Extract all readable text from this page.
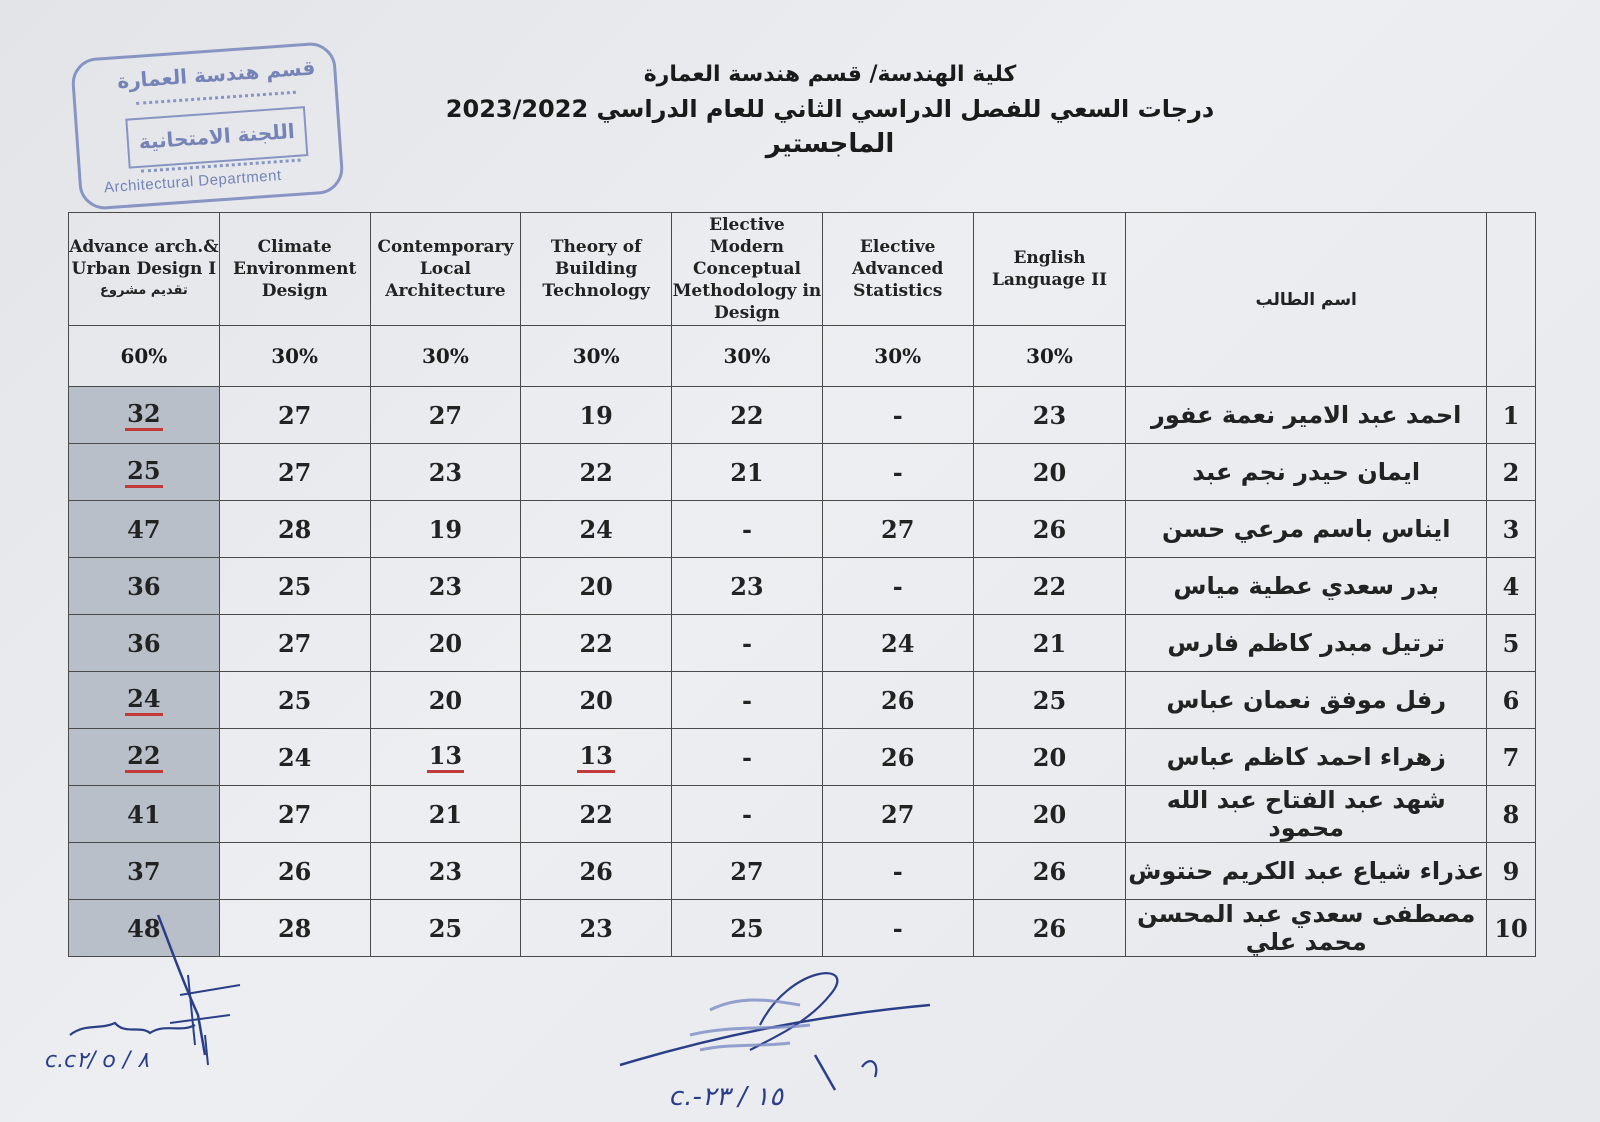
كلية الهندسة/ قسم هندسة العمارة
درجات السعي للفصل الدراسي الثاني للعام الدراسي 2023/2022
الماجستير
قسم هندسة العمارة
اللجنة الامتحانية
Architectural Department
Advance arch.& Urban Design I
تقديم مشروع	Climate Environment Design	Contemporary Local Architecture	Theory of Building Technology	Elective Modern Conceptual Methodology in Design	Elective Advanced Statistics	English Language II	اسم الطالب	
60%	30%	30%	30%	30%	30%	30%		
32	27	27	19	22	-	23	احمد عبد الامير نعمة عفور	1
25	27	23	22	21	-	20	ايمان حيدر نجم عبد	2
47	28	19	24	-	27	26	ايناس باسم مرعي حسن	3
36	25	23	20	23	-	22	بدر سعدي عطية مياس	4
36	27	20	22	-	24	21	ترتيل مبدر كاظم فارس	5
24	25	20	20	-	26	25	رفل موفق نعمان عباس	6
22	24	13	13	-	26	20	زهراء احمد كاظم عباس	7
41	27	21	22	-	27	20	شهد عبد الفتاح عبد الله محمود	8
37	26	23	26	27	-	26	عذراء شياع عبد الكريم حنتوش	9
48	28	25	23	25	-	26	مصطفى سعدي عبد المحسن محمد علي	10
c.c۲/ o / ۸
c.-۲۳ / ۱٥
